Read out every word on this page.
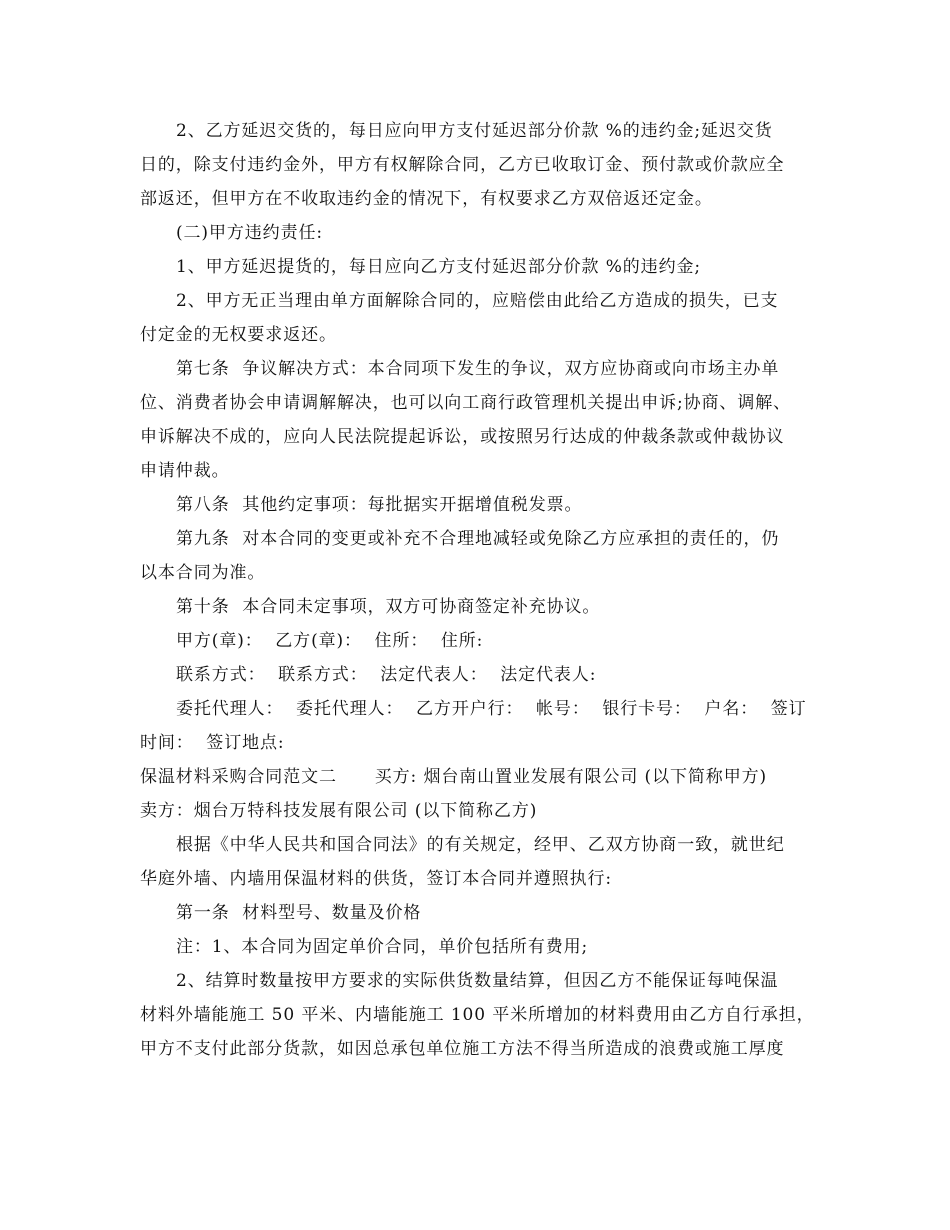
2、乙方延迟交货的，每日应向甲方支付延迟部分价款 %的违约金;延迟交货
日的，除支付违约金外，甲方有权解除合同，乙方已收取订金、预付款或价款应全
部返还，但甲方在不收取违约金的情况下，有权要求乙方双倍返还定金。
(二)甲方违约责任:
1、甲方延迟提货的，每日应向乙方支付延迟部分价款 %的违约金;
2、甲方无正当理由单方面解除合同的，应赔偿由此给乙方造成的损失，已支
付定金的无权要求返还。
第七条  争议解决方式：本合同项下发生的争议，双方应协商或向市场主办单
位、消费者协会申请调解解决，也可以向工商行政管理机关提出申诉;协商、调解、
申诉解决不成的，应向人民法院提起诉讼，或按照另行达成的仲裁条款或仲裁协议
申请仲裁。
第八条  其他约定事项：每批据实开据增值税发票。
第九条  对本合同的变更或补充不合理地减轻或免除乙方应承担的责任的，仍
以本合同为准。
第十条  本合同未定事项，双方可协商签定补充协议。
甲方(章)：  乙方(章)：  住所：  住所:
联系方式：  联系方式：  法定代表人：  法定代表人:
委托代理人：  委托代理人：  乙方开户行：  帐号：  银行卡号：  户名：  签订
时间：  签订地点:
保温材料采购合同范文二      买方: 烟台南山置业发展有限公司 (以下简称甲方)
卖方：烟台万特科技发展有限公司 (以下简称乙方)
根据《中华人民共和国合同法》的有关规定，经甲、乙双方协商一致，就世纪
华庭外墙、内墙用保温材料的供货，签订本合同并遵照执行:
第一条  材料型号、数量及价格
注：1、本合同为固定单价合同，单价包括所有费用;
2、结算时数量按甲方要求的实际供货数量结算，但因乙方不能保证每吨保温
材料外墙能施工 50 平米、内墙能施工 100 平米所增加的材料费用由乙方自行承担，
甲方不支付此部分货款，如因总承包单位施工方法不得当所造成的浪费或施工厚度
